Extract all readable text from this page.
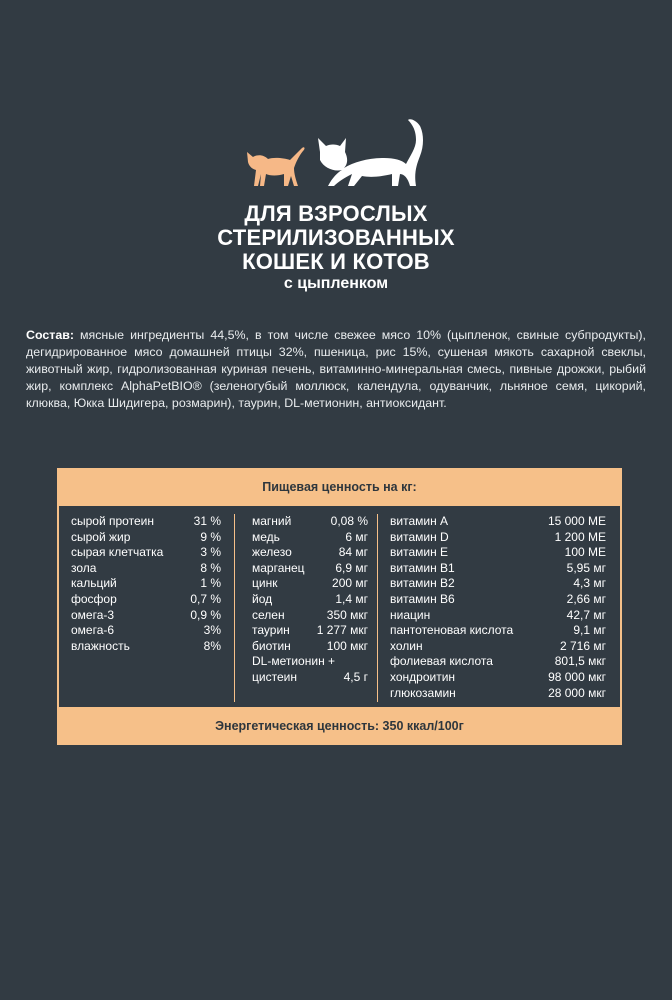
ДЛЯ ВЗРОСЛЫХ
СТЕРИЛИЗОВАННЫХ
КОШЕК И КОТОВ
с цыпленком
Состав: мясные ингредиенты 44,5%, в том числе свежее мясо 10% (цыпленок, свиные субпродукты), дегидрированное мясо домашней птицы 32%, пшеница, рис 15%, сушеная мякоть сахарной свеклы, животный жир, гидролизованная куриная печень, витаминно-минеральная смесь, пивные дрожжи, рыбий жир, комплекс AlphaPetBIO® (зеленогубый моллюск, календула, одуванчик, льняное семя, цикорий, клюква, Юкка Шидигера, розмарин), таурин, DL-метионин, антиоксидант.
Пищевая ценность на кг:
сырой протеин	31 %
сырой жир	9 %
сырая клетчатка	3 %
зола	8 %
кальций	1 %
фосфор	0,7 %
омега-3	0,9 %
омега-6	3%
влажность	8%
магний	0,08 %
медь	6 мг
железо	84 мг
марганец	6,9 мг
цинк	200 мг
йод	1,4 мг
селен	350 мкг
таурин 1 277 мкг
биотин	100 мкг
DL-метионин +
цистеин	4,5 г
витамин А	15 000 МЕ
витамин D	1 200 МЕ
витамин Е	100 МЕ
витамин В1	5,95 мг
витамин В2	4,3 мг
витамин В6	2,66 мг
ниацин	42,7 мг
пантотеновая кислота	9,1 мг
холин	2 716 мг
фолиевая кислота	801,5 мкг
хондроитин	98 000 мкг
глюкозамин	28 000 мкг
Энергетическая ценность: 350 ккал/100г
